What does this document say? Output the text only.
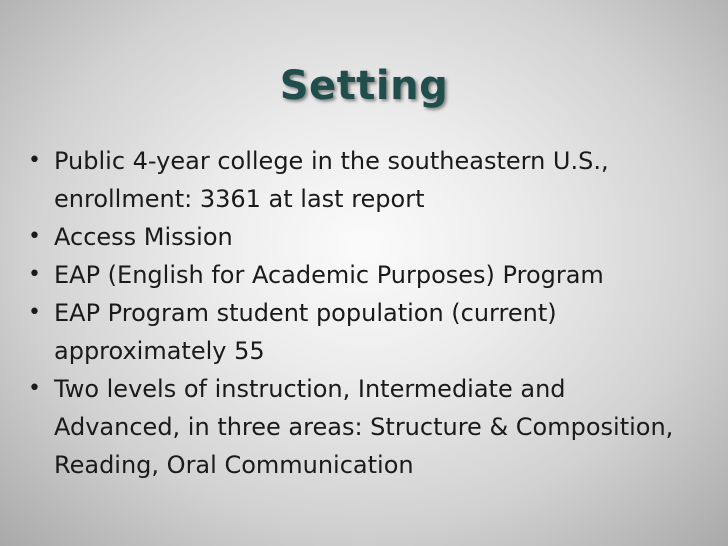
Setting
• Public 4-year college in the southeastern U.S.,
enrollment: 3361 at last report
• Access Mission
• EAP (English for Academic Purposes) Program
• EAP Program student population (current)
approximately 55
• Two levels of instruction, Intermediate and
Advanced, in three areas: Structure & Composition,
Reading, Oral Communication
